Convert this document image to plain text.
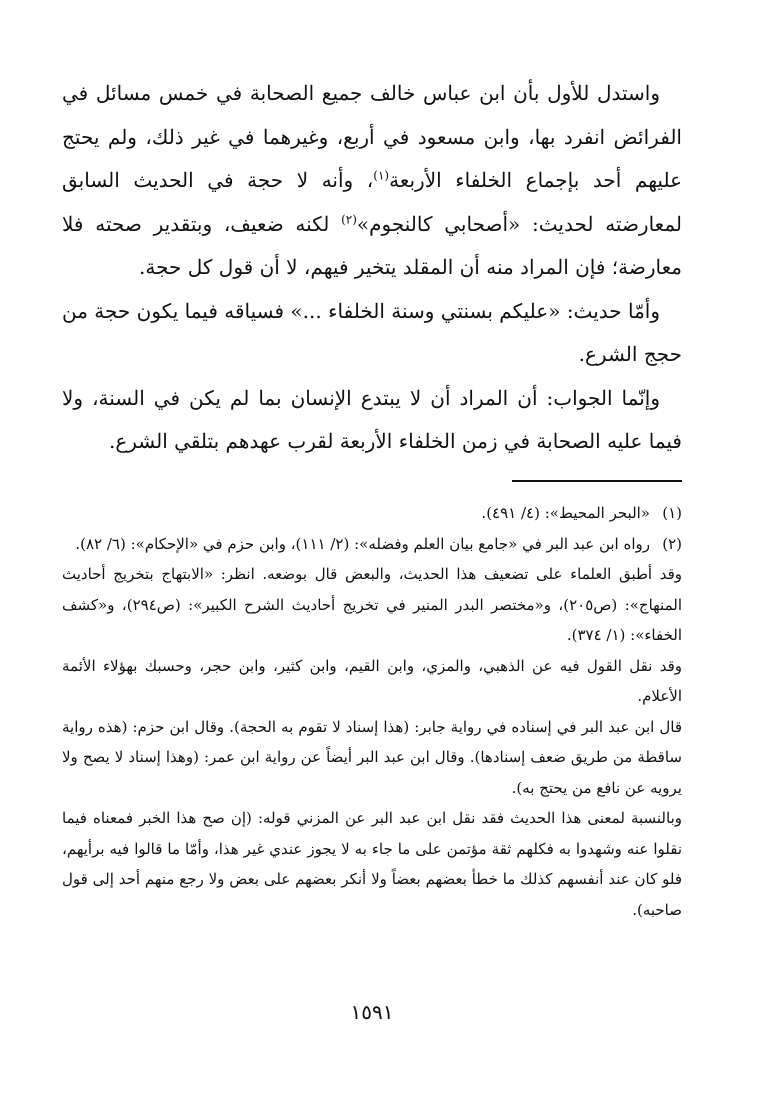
واستدل للأول بأن ابن عباس خالف جميع الصحابة في خمس مسائل في الفرائض انفرد بها، وابن مسعود في أربع، وغيرهما في غير ذلك، ولم يحتج عليهم أحد بإجماع الخلفاء الأربعة$^{(١)}$، وأنه لا حجة في الحديث السابق لمعارضته لحديث: «أصحابي كالنجوم»$^{(٢)}$ لكنه ضعيف، وبتقدير صحته فلا معارضة؛ فإن المراد منه أن المقلد يتخير فيهم، لا أن قول كل حجة.

وأمّا حديث: «عليكم بسنتي وسنة الخلفاء ...» فسياقه فيما يكون حجة من حجج الشرع.

وإنّما الجواب: أن المراد أن لا يبتدع الإنسان بما لم يكن في السنة، ولا فيما عليه الصحابة في زمن الخلفاء الأربعة لقرب عهدهم بتلقي الشرع.

(١)
«البحر المحيط»: (٤/ ٤٩١).
(٢)
رواه ابن عبد البر في «جامع بيان العلم وفضله»: (٢/ ١١١)، وابن حزم في «الإحكام»: (٦/ ٨٢).

وقد أطبق العلماء على تضعيف هذا الحديث، والبعض قال بوضعه. انظر: «الابتهاج بتخريج أحاديث المنهاج»: (ص٢٠٥)، و«مختصر البدر المنير في تخريج أحاديث الشرح الكبير»: (ص٢٩٤)، و«كشف الخفاء»: (١/ ٣٧٤).

وقد نقل القول فيه عن الذهبي، والمزي، وابن القيم، وابن كثير، وابن حجر، وحسبك بهؤلاء الأئمة الأعلام.

قال ابن عبد البر في إسناده في رواية جابر: (هذا إسناد لا تقوم به الحجة). وقال ابن حزم: (هذه رواية ساقطة من طريق ضعف إسنادها). وقال ابن عبد البر أيضاً عن رواية ابن عمر: (وهذا إسناد لا يصح ولا يرويه عن نافع من يحتج به).

وبالنسبة لمعنى هذا الحديث فقد نقل ابن عبد البر عن المزني قوله: (إن صح هذا الخبر فمعناه فيما نقلوا عنه وشهدوا به فكلهم ثقة مؤتمن على ما جاء به لا يجوز عندي غير هذا، وأمّا ما قالوا فيه برأيهم، فلو كان عند أنفسهم كذلك ما خطأ بعضهم بعضاً ولا أنكر بعضهم على بعض ولا رجع منهم أحد إلى قول صاحبه).

١٥٩١
